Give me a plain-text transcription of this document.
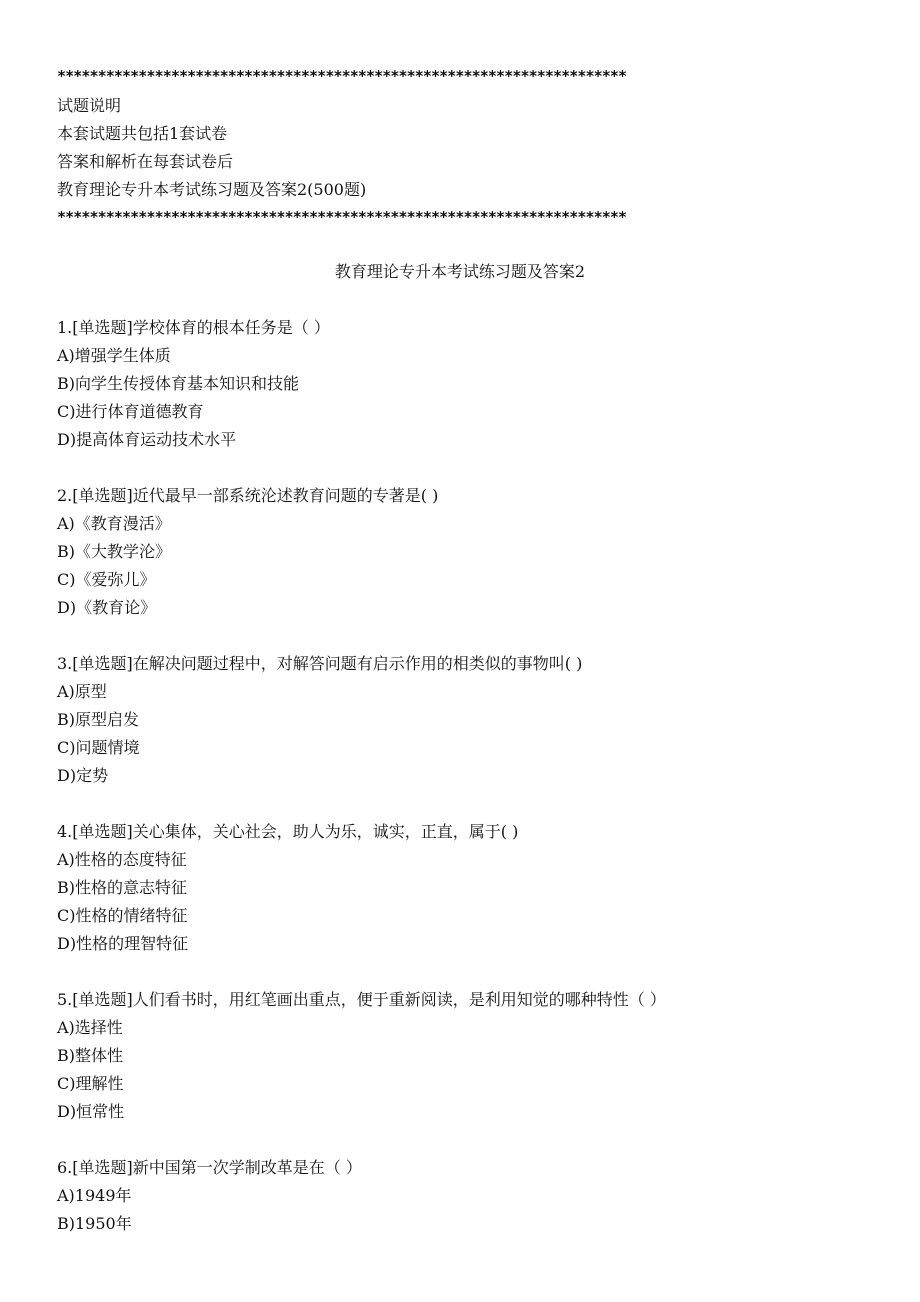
**********************************************************************
试题说明
本套试题共包括1套试卷
答案和解析在每套试卷后
教育理论专升本考试练习题及答案2(500题)
**********************************************************************
教育理论专升本考试练习题及答案2
1.[单选题]学校体育的根本任务是（ ）
A)增强学生体质
B)向学生传授体育基本知识和技能
C)进行体育道德教育
D)提高体育运动技术水平
2.[单选题]近代最早一部系统沦述教育问题的专著是( )
A)《教育漫活》
B)《大教学沦》
C)《爱弥儿》
D)《教育论》
3.[单选题]在解决问题过程中，对解答问题有启示作用的相类似的事物叫( )
A)原型
B)原型启发
C)问题情境
D)定势
4.[单选题]关心集体，关心社会，助人为乐，诚实，正直，属于( )
A)性格的态度特征
B)性格的意志特征
C)性格的情绪特征
D)性格的理智特征
5.[单选题]人们看书时，用红笔画出重点，便于重新阅读，是利用知觉的哪种特性（ ）
A)选择性
B)整体性
C)理解性
D)恒常性
6.[单选题]新中国第一次学制改革是在（ ）
A)1949年
B)1950年
